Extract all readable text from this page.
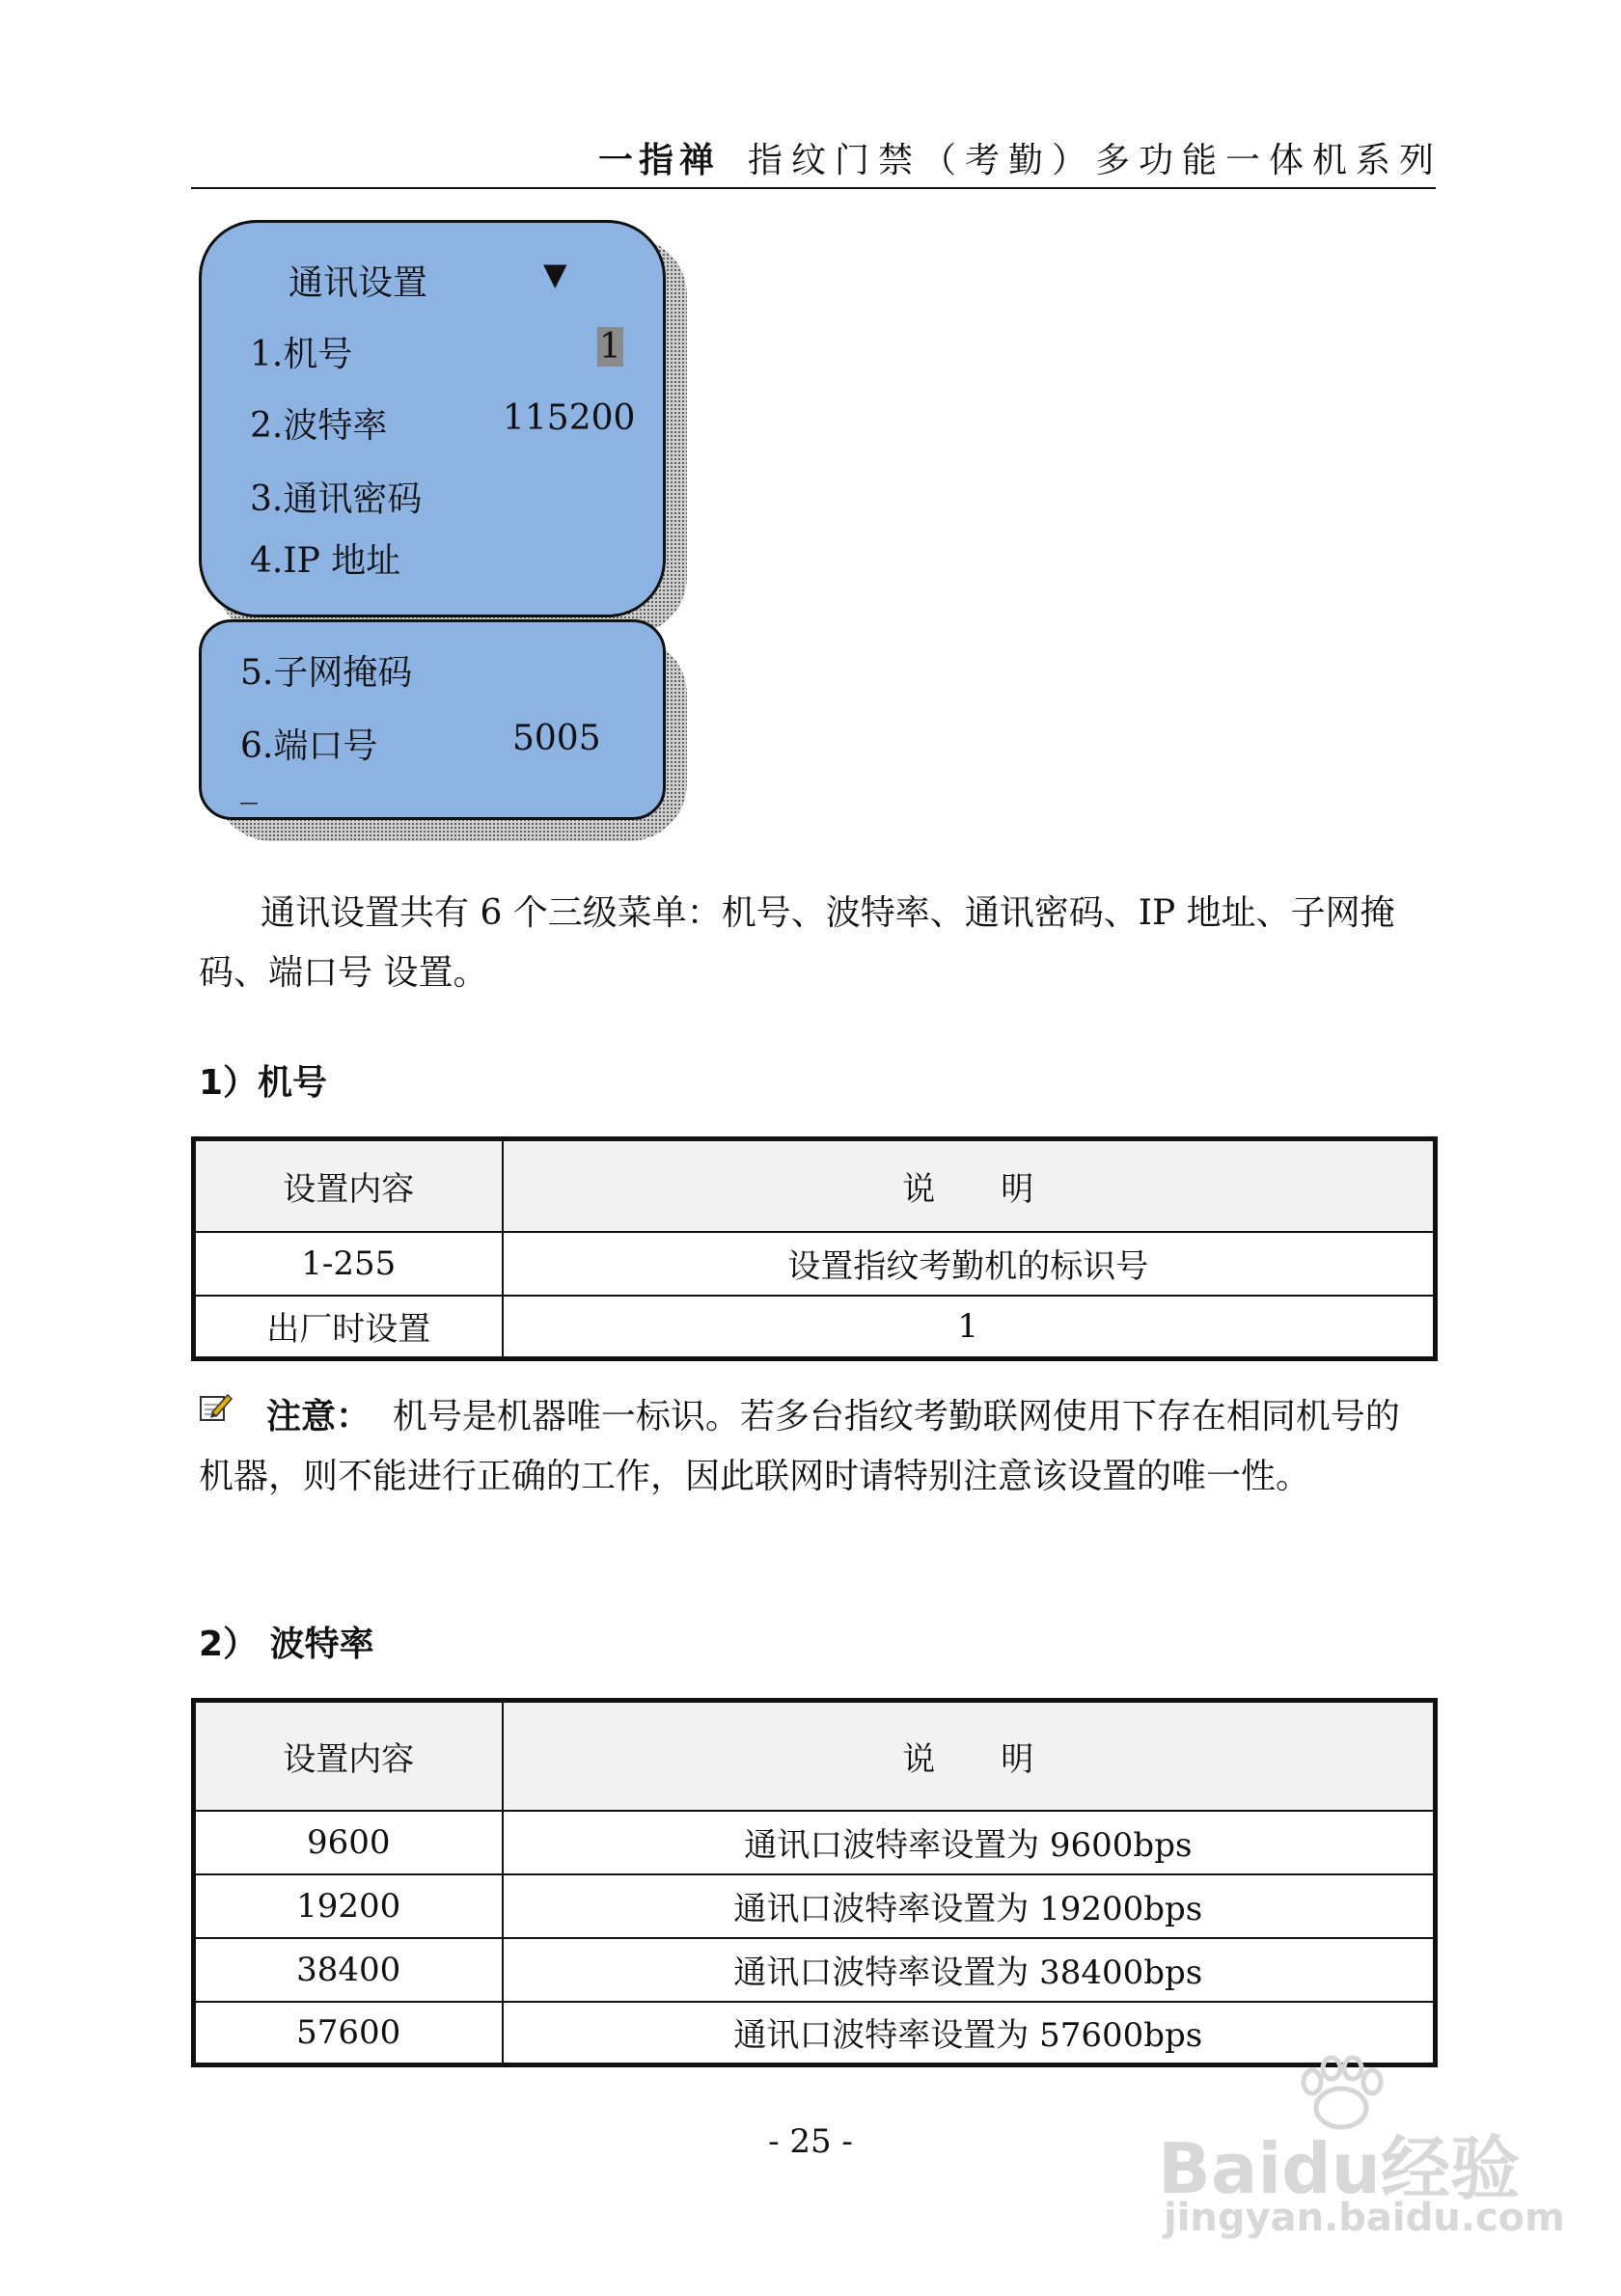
一指禅 指纹门禁（考勤）多功能一体机系列
通讯设置	▼
1.机号	1
2.波特率	115200
3.通讯密码
4.IP 地址
5.子网掩码
6.端口号	5005
_
通讯设置共有 6 个三级菜单：机号、波特率、通讯密码、IP 地址、子网掩码、端口号 设置。
1）机号
设置内容	说　　明
1-255	设置指纹考勤机的标识号
出厂时设置	1
注意： 机号是机器唯一标识。若多台指纹考勤联网使用下存在相同机号的机器，则不能进行正确的工作，因此联网时请特别注意该设置的唯一性。
2） 波特率
设置内容	说　　明
9600	通讯口波特率设置为 9600bps
19200	通讯口波特率设置为 19200bps
38400	通讯口波特率设置为 38400bps
57600	通讯口波特率设置为 57600bps
- 25 -	Baidu经验
jingyan.baidu.com
